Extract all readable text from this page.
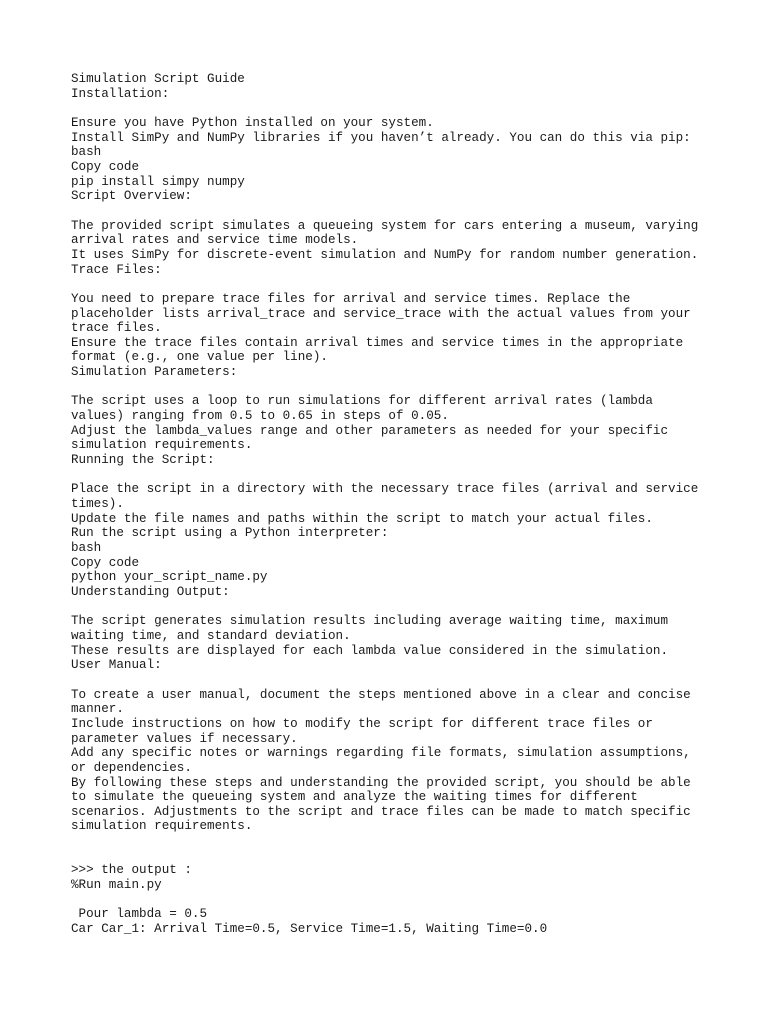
Simulation Script Guide
Installation:
Ensure you have Python installed on your system.
Install SimPy and NumPy libraries if you haven’t already. You can do this via pip:
bash
Copy code
pip install simpy numpy
Script Overview:
The provided script simulates a queueing system for cars entering a museum, varying
arrival rates and service time models.
It uses SimPy for discrete-event simulation and NumPy for random number generation.
Trace Files:
You need to prepare trace files for arrival and service times. Replace the
placeholder lists arrival_trace and service_trace with the actual values from your
trace files.
Ensure the trace files contain arrival times and service times in the appropriate
format (e.g., one value per line).
Simulation Parameters:
The script uses a loop to run simulations for different arrival rates (lambda
values) ranging from 0.5 to 0.65 in steps of 0.05.
Adjust the lambda_values range and other parameters as needed for your specific
simulation requirements.
Running the Script:
Place the script in a directory with the necessary trace files (arrival and service
times).
Update the file names and paths within the script to match your actual files.
Run the script using a Python interpreter:
bash
Copy code
python your_script_name.py
Understanding Output:
The script generates simulation results including average waiting time, maximum
waiting time, and standard deviation.
These results are displayed for each lambda value considered in the simulation.
User Manual:
To create a user manual, document the steps mentioned above in a clear and concise
manner.
Include instructions on how to modify the script for different trace files or
parameter values if necessary.
Add any specific notes or warnings regarding file formats, simulation assumptions,
or dependencies.
By following these steps and understanding the provided script, you should be able
to simulate the queueing system and analyze the waiting times for different
scenarios. Adjustments to the script and trace files can be made to match specific
simulation requirements.
>>> the output :
%Run main.py
Pour lambda = 0.5
Car Car_1: Arrival Time=0.5, Service Time=1.5, Waiting Time=0.0
